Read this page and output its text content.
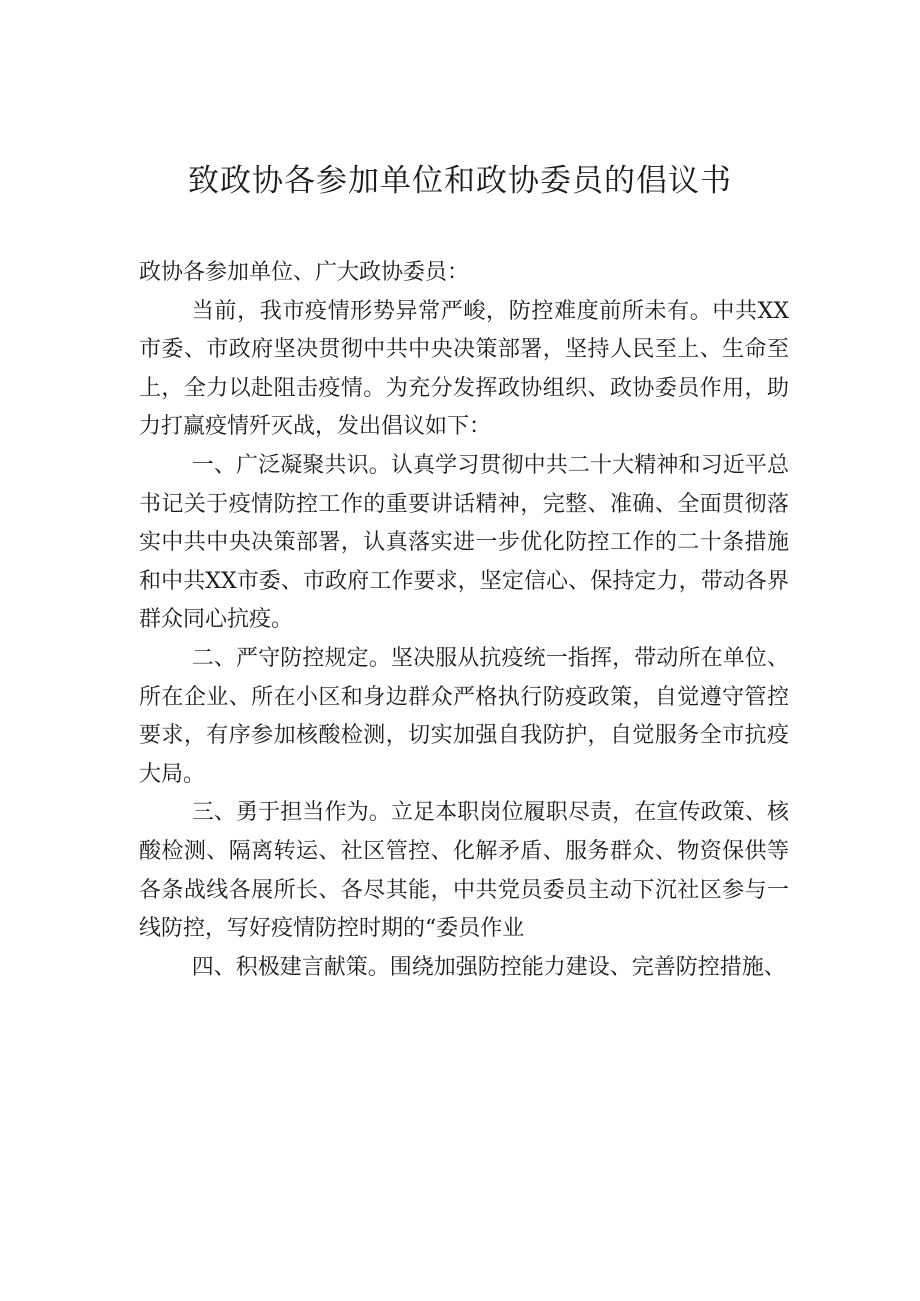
致政协各参加单位和政协委员的倡议书

政协各参加单位、广大政协委员：

当前，我市疫情形势异常严峻，防控难度前所未有。中共XX市委、市政府坚决贯彻中共中央决策部署，坚持人民至上、生命至上，全力以赴阻击疫情。为充分发挥政协组织、政协委员作用，助力打赢疫情歼灭战，发出倡议如下：

一、广泛凝聚共识。认真学习贯彻中共二十大精神和习近平总书记关于疫情防控工作的重要讲话精神，完整、准确、全面贯彻落实中共中央决策部署，认真落实进一步优化防控工作的二十条措施和中共XX市委、市政府工作要求，坚定信心、保持定力，带动各界群众同心抗疫。

二、严守防控规定。坚决服从抗疫统一指挥，带动所在单位、所在企业、所在小区和身边群众严格执行防疫政策，自觉遵守管控要求，有序参加核酸检测，切实加强自我防护，自觉服务全市抗疫大局。

三、勇于担当作为。立足本职岗位履职尽责，在宣传政策、核酸检测、隔离转运、社区管控、化解矛盾、服务群众、物资保供等各条战线各展所长、各尽其能，中共党员委员主动下沉社区参与一线防控，写好疫情防控时期的“委员作业

四、积极建言献策。围绕加强防控能力建设、完善防控措施、
